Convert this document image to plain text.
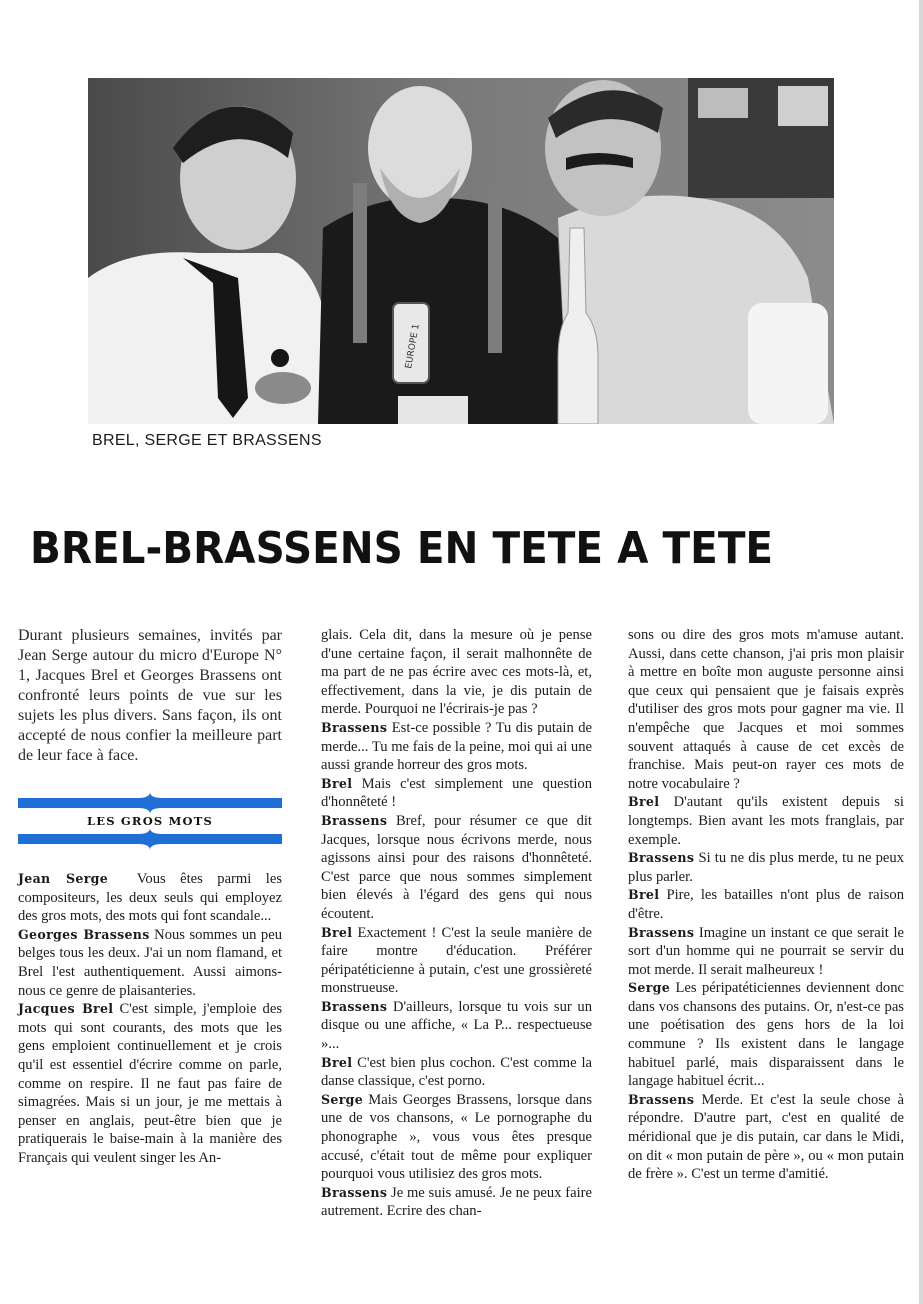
EUROPE 1
BREL, SERGE ET BRASSENS
BREL-BRASSENS EN TETE A TETE

Durant plusieurs semaines, invités par Jean Serge autour du micro d'Europe N° 1, Jacques Brel et Georges Brassens ont confronté leurs points de vue sur les sujets les plus divers. Sans façon, ils ont accepté de nous confier la meilleure part de leur face à face.

LES GROS MOTS

Jean Serge Vous êtes parmi les compositeurs, les deux seuls qui employez des gros mots, des mots qui font scandale...

Georges Brassens Nous sommes un peu belges tous les deux. J'ai un nom flamand, et Brel l'est authentiquement. Aussi aimons-nous ce genre de plaisanteries.

Jacques Brel C'est simple, j'emploie des mots qui sont courants, des mots que les gens emploient continuellement et je crois qu'il est essentiel d'écrire comme on parle, comme on respire. Il ne faut pas faire de simagrées. Mais si un jour, je me mettais à penser en anglais, peut-être bien que je pratiquerais le baise-main à la manière des Français qui veulent singer les An-

glais. Cela dit, dans la mesure où je pense d'une certaine façon, il serait malhonnête de ma part de ne pas écrire avec ces mots-là, et, effectivement, dans la vie, je dis putain de merde. Pourquoi ne l'écrirais-je pas ?

Brassens Est-ce possible ? Tu dis putain de merde... Tu me fais de la peine, moi qui ai une aussi grande horreur des gros mots.

Brel Mais c'est simplement une question d'honnêteté !

Brassens Bref, pour résumer ce que dit Jacques, lorsque nous écrivons merde, nous agissons ainsi pour des raisons d'honnêteté. C'est parce que nous sommes simplement bien élevés à l'égard des gens qui nous écoutent.

Brel Exactement ! C'est la seule manière de faire montre d'éducation. Préférer péripatéticienne à putain, c'est une grossièreté monstrueuse.

Brassens D'ailleurs, lorsque tu vois sur un disque ou une affiche, « La P... respectueuse »...

Brel C'est bien plus cochon. C'est comme la danse classique, c'est porno.

Serge Mais Georges Brassens, lorsque dans une de vos chansons, « Le pornographe du phonographe », vous vous êtes presque accusé, c'était tout de même pour expliquer pourquoi vous utilisiez des gros mots.

Brassens Je me suis amusé. Je ne peux faire autrement. Ecrire des chan-

sons ou dire des gros mots m'amuse autant. Aussi, dans cette chanson, j'ai pris mon plaisir à mettre en boîte mon auguste personne ainsi que ceux qui pensaient que je faisais exprès d'utiliser des gros mots pour gagner ma vie. Il n'empêche que Jacques et moi sommes souvent attaqués à cause de cet excès de franchise. Mais peut-on rayer ces mots de notre vocabulaire ?

Brel D'autant qu'ils existent depuis si longtemps. Bien avant les mots franglais, par exemple.

Brassens Si tu ne dis plus merde, tu ne peux plus parler.

Brel Pire, les batailles n'ont plus de raison d'être.

Brassens Imagine un instant ce que serait le sort d'un homme qui ne pourrait se servir du mot merde. Il serait malheureux !

Serge Les péripatéticiennes deviennent donc dans vos chansons des putains. Or, n'est-ce pas une poétisation des gens hors de la loi commune ? Ils existent dans le langage habituel parlé, mais disparaissent dans le langage habituel écrit...

Brassens Merde. Et c'est la seule chose à répondre. D'autre part, c'est en qualité de méridional que je dis putain, car dans le Midi, on dit « mon putain de père », ou « mon putain de frère ». C'est un terme d'amitié.
